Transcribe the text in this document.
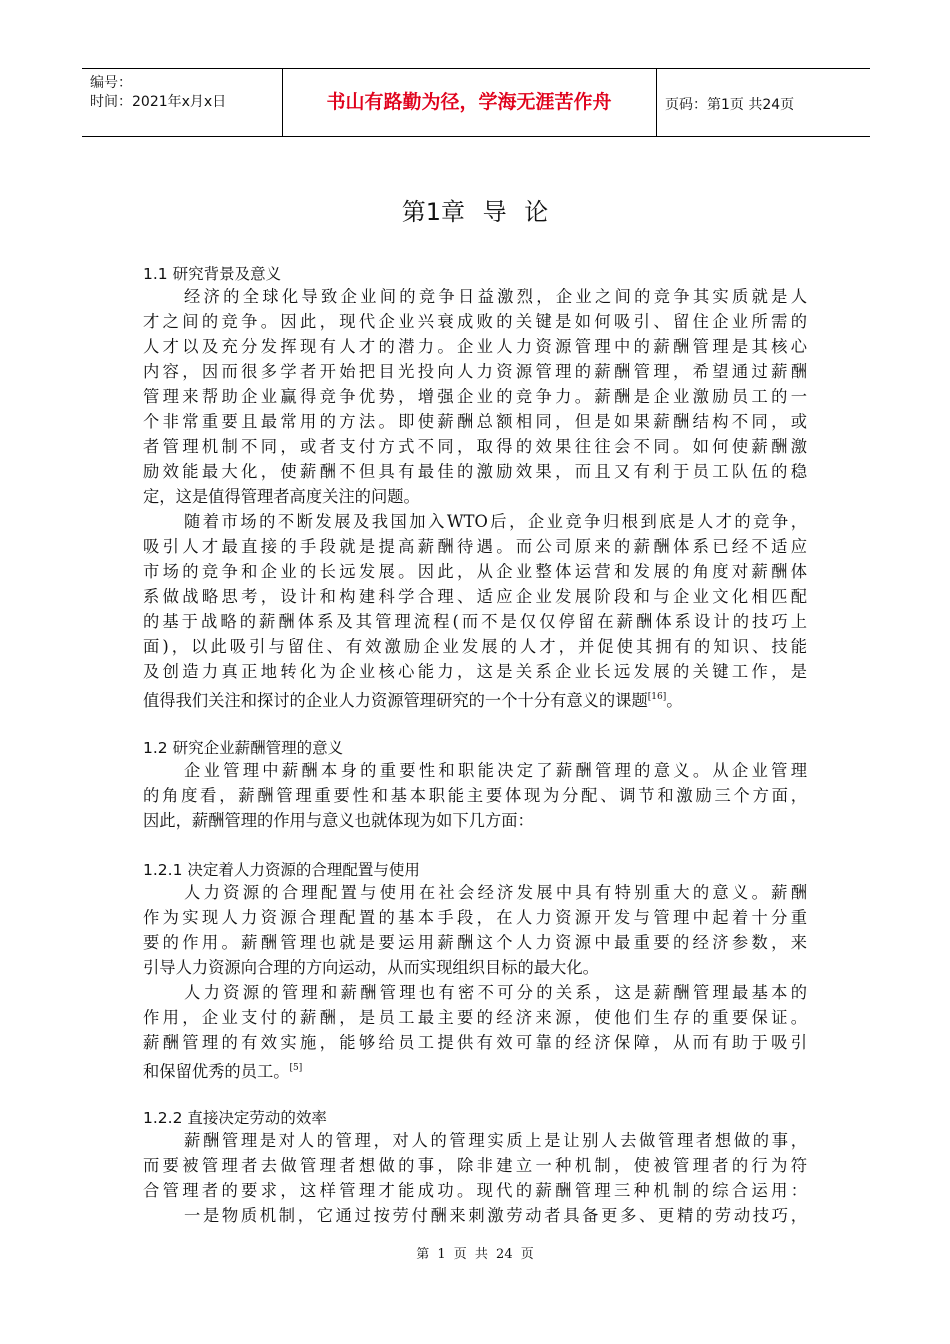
编号：
时间：2021年x月x日	书山有路勤为径，学海无涯苦作舟	页码：第1页 共24页
第1章 导 论
1.1 研究背景及意义
经济的全球化导致企业间的竞争日益激烈，企业之间的竞争其实质就是人
才之间的竞争。因此，现代企业兴衰成败的关键是如何吸引、留住企业所需的
人才以及充分发挥现有人才的潜力。企业人力资源管理中的薪酬管理是其核心
内容，因而很多学者开始把目光投向人力资源管理的薪酬管理，希望通过薪酬
管理来帮助企业赢得竞争优势，增强企业的竞争力。薪酬是企业激励员工的一
个非常重要且最常用的方法。即使薪酬总额相同，但是如果薪酬结构不同，或
者管理机制不同，或者支付方式不同，取得的效果往往会不同。如何使薪酬激
励效能最大化，使薪酬不但具有最佳的激励效果，而且又有利于员工队伍的稳
定，这是值得管理者高度关注的问题。
随着市场的不断发展及我国加入WTO后，企业竞争归根到底是人才的竞争，
吸引人才最直接的手段就是提高薪酬待遇。而公司原来的薪酬体系已经不适应
市场的竞争和企业的长远发展。因此，从企业整体运营和发展的角度对薪酬体
系做战略思考，设计和构建科学合理、适应企业发展阶段和与企业文化相匹配
的基于战略的薪酬体系及其管理流程(而不是仅仅停留在薪酬体系设计的技巧上
面)，以此吸引与留住、有效激励企业发展的人才，并促使其拥有的知识、技能
及创造力真正地转化为企业核心能力，这是关系企业长远发展的关键工作，是
值得我们关注和探讨的企业人力资源管理研究的一个十分有意义的课题[16]。
1.2 研究企业薪酬管理的意义
企业管理中薪酬本身的重要性和职能决定了薪酬管理的意义。从企业管理
的角度看，薪酬管理重要性和基本职能主要体现为分配、调节和激励三个方面，
因此，薪酬管理的作用与意义也就体现为如下几方面：
1.2.1 决定着人力资源的合理配置与使用
人力资源的合理配置与使用在社会经济发展中具有特别重大的意义。薪酬
作为实现人力资源合理配置的基本手段，在人力资源开发与管理中起着十分重
要的作用。薪酬管理也就是要运用薪酬这个人力资源中最重要的经济参数，来
引导人力资源向合理的方向运动，从而实现组织目标的最大化。
人力资源的管理和薪酬管理也有密不可分的关系，这是薪酬管理最基本的
作用，企业支付的薪酬，是员工最主要的经济来源，使他们生存的重要保证。
薪酬管理的有效实施，能够给员工提供有效可靠的经济保障，从而有助于吸引
和保留优秀的员工。[5]
1.2.2 直接决定劳动的效率
薪酬管理是对人的管理，对人的管理实质上是让别人去做管理者想做的事，
而要被管理者去做管理者想做的事，除非建立一种机制，使被管理者的行为符
合管理者的要求，这样管理才能成功。现代的薪酬管理三种机制的综合运用：
一是物质机制，它通过按劳付酬来刺激劳动者具备更多、更精的劳动技巧，
第 1 页 共 24 页
